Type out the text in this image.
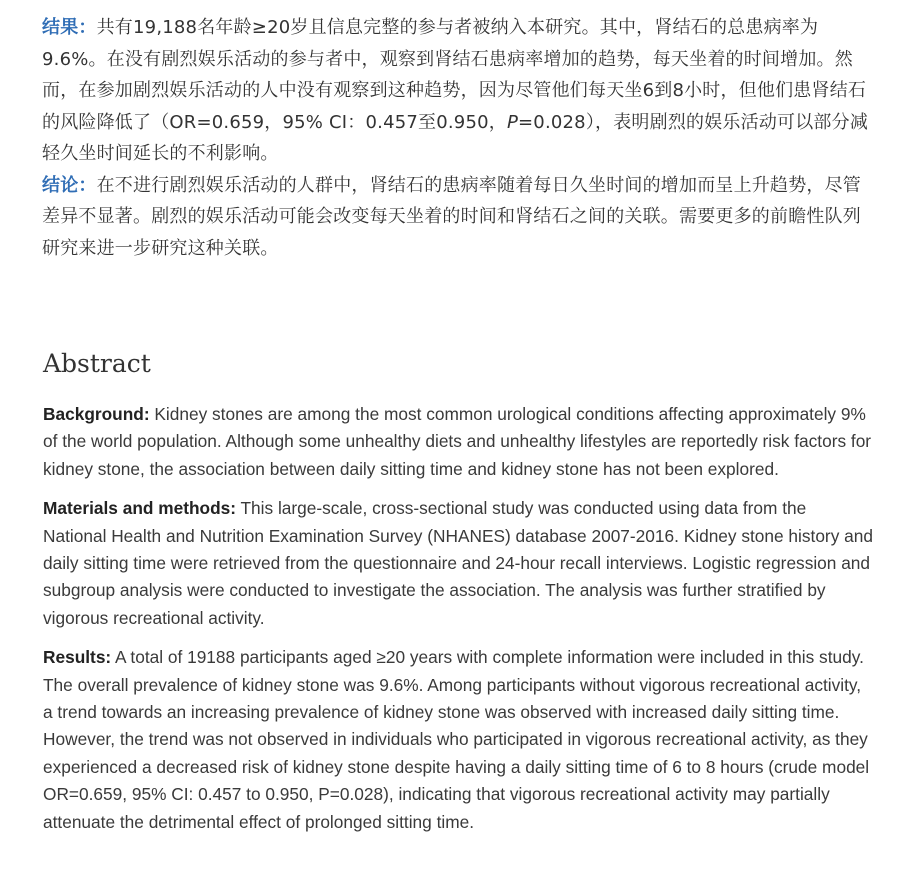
结果：共有19,188名年龄≥20岁且信息完整的参与者被纳入本研究。其中，肾结石的总患病率为9.6%。在没有剧烈娱乐活动的参与者中，观察到肾结石患病率增加的趋势，每天坐着的时间增加。然而，在参加剧烈娱乐活动的人中没有观察到这种趋势，因为尽管他们每天坐6到8小时，但他们患肾结石的风险降低了（OR=0.659，95% CI：0.457至0.950，P=0.028），表明剧烈的娱乐活动可以部分减轻久坐时间延长的不利影响。

结论：在不进行剧烈娱乐活动的人群中，肾结石的患病率随着每日久坐时间的增加而呈上升趋势，尽管差异不显著。剧烈的娱乐活动可能会改变每天坐着的时间和肾结石之间的关联。需要更多的前瞻性队列研究来进一步研究这种关联。

Abstract

Background: Kidney stones are among the most common urological conditions affecting approximately 9% of the world population. Although some unhealthy diets and unhealthy lifestyles are reportedly risk factors for kidney stone, the association between daily sitting time and kidney stone has not been explored.

Materials and methods: This large-scale, cross-sectional study was conducted using data from the National Health and Nutrition Examination Survey (NHANES) database 2007-2016. Kidney stone history and daily sitting time were retrieved from the questionnaire and 24-hour recall interviews. Logistic regression and subgroup analysis were conducted to investigate the association. The analysis was further stratified by vigorous recreational activity.

Results: A total of 19188 participants aged ≥20 years with complete information were included in this study. The overall prevalence of kidney stone was 9.6%. Among participants without vigorous recreational activity, a trend towards an increasing prevalence of kidney stone was observed with increased daily sitting time. However, the trend was not observed in individuals who participated in vigorous recreational activity, as they experienced a decreased risk of kidney stone despite having a daily sitting time of 6 to 8 hours (crude model OR=0.659, 95% CI: 0.457 to 0.950, P=0.028), indicating that vigorous recreational activity may partially attenuate the detrimental effect of prolonged sitting time.
